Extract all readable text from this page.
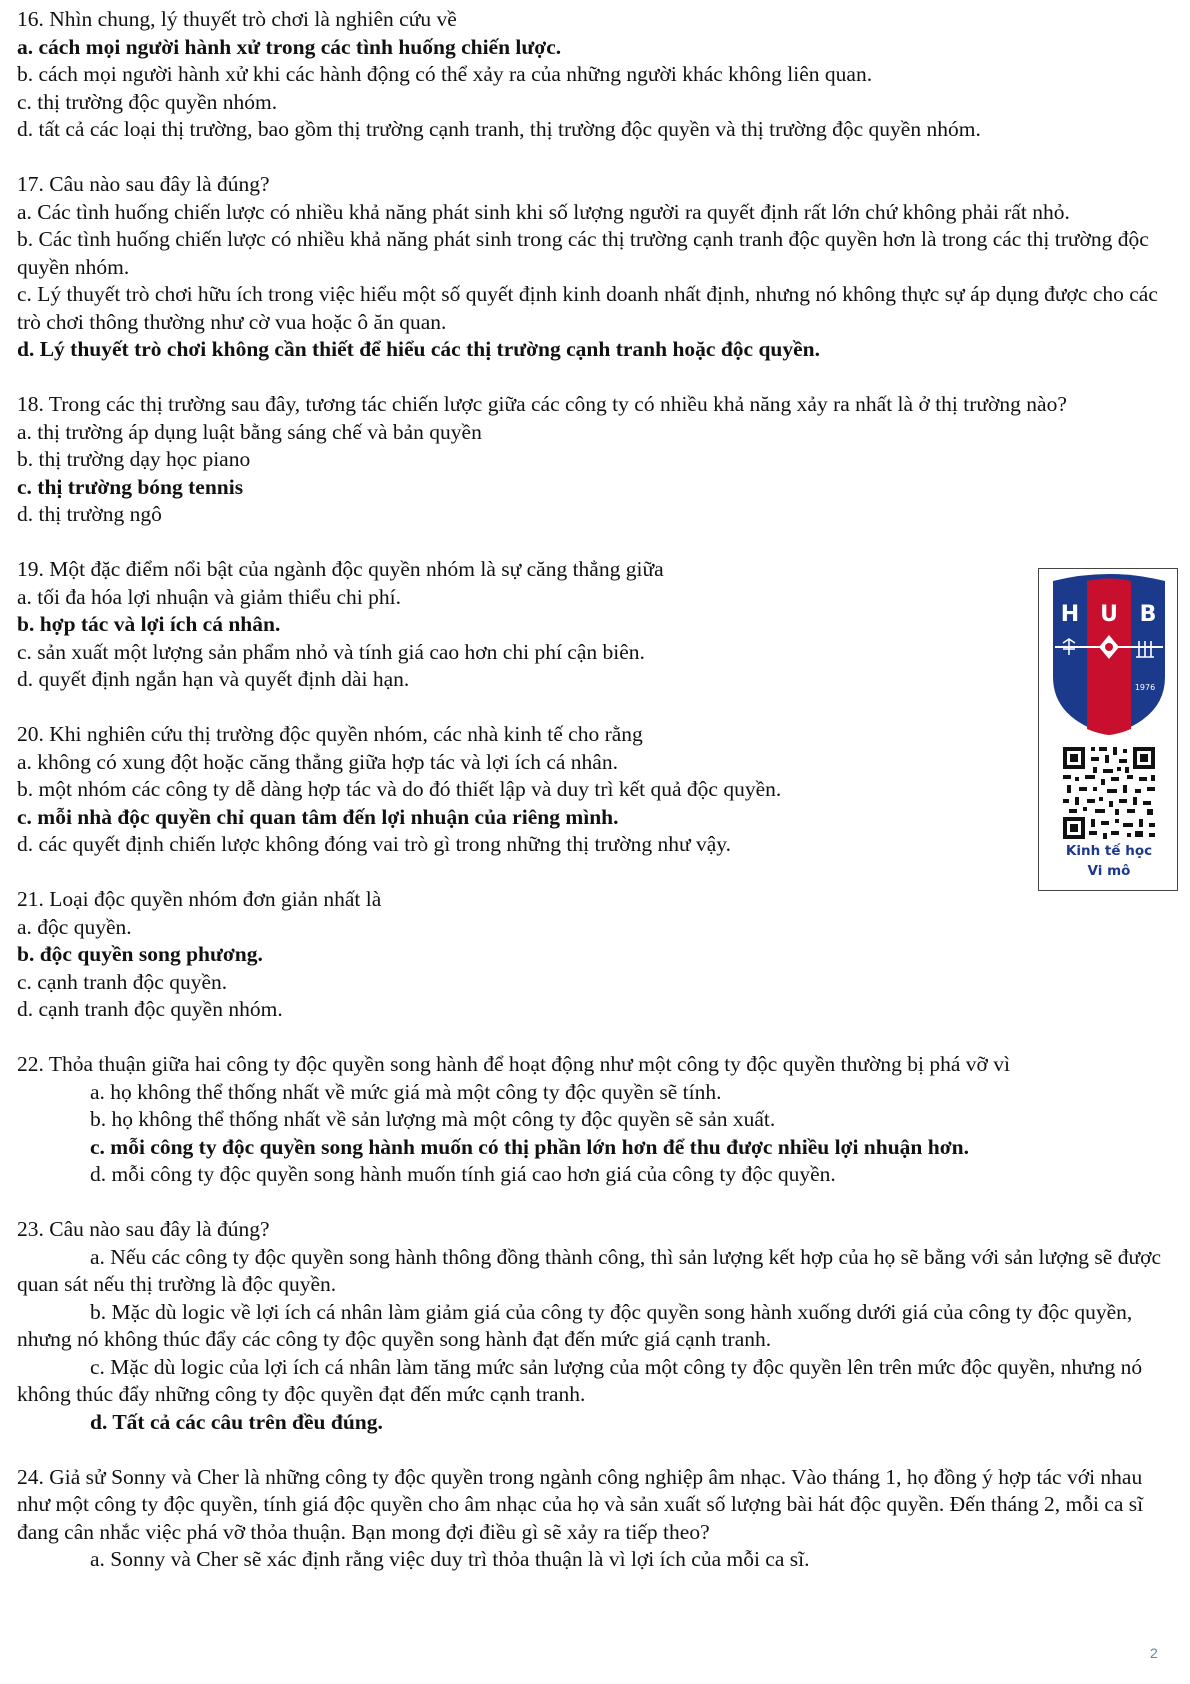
16. Nhìn chung, lý thuyết trò chơi là nghiên cứu về
a. cách mọi người hành xử trong các tình huống chiến lược.
b. cách mọi người hành xử khi các hành động có thể xảy ra của những người khác không liên quan.
c. thị trường độc quyền nhóm.
d. tất cả các loại thị trường, bao gồm thị trường cạnh tranh, thị trường độc quyền và thị trường độc quyền nhóm.
17. Câu nào sau đây là đúng?
a. Các tình huống chiến lược có nhiều khả năng phát sinh khi số lượng người ra quyết định rất lớn chứ không phải rất nhỏ.
b. Các tình huống chiến lược có nhiều khả năng phát sinh trong các thị trường cạnh tranh độc quyền hơn là trong các thị trường độc quyền nhóm.
c. Lý thuyết trò chơi hữu ích trong việc hiểu một số quyết định kinh doanh nhất định, nhưng nó không thực sự áp dụng được cho các trò chơi thông thường như cờ vua hoặc ô ăn quan.
d. Lý thuyết trò chơi không cần thiết để hiểu các thị trường cạnh tranh hoặc độc quyền.
18. Trong các thị trường sau đây, tương tác chiến lược giữa các công ty có nhiều khả năng xảy ra nhất là ở thị trường nào?
a. thị trường áp dụng luật bằng sáng chế và bản quyền
b. thị trường dạy học piano
c. thị trường bóng tennis
d. thị trường ngô
19. Một đặc điểm nổi bật của ngành độc quyền nhóm là sự căng thẳng giữa
a. tối đa hóa lợi nhuận và giảm thiểu chi phí.
b. hợp tác và lợi ích cá nhân.
c. sản xuất một lượng sản phẩm nhỏ và tính giá cao hơn chi phí cận biên.
d. quyết định ngắn hạn và quyết định dài hạn.
20. Khi nghiên cứu thị trường độc quyền nhóm, các nhà kinh tế cho rằng
a. không có xung đột hoặc căng thẳng giữa hợp tác và lợi ích cá nhân.
b. một nhóm các công ty dễ dàng hợp tác và do đó thiết lập và duy trì kết quả độc quyền.
c. mỗi nhà độc quyền chỉ quan tâm đến lợi nhuận của riêng mình.
d. các quyết định chiến lược không đóng vai trò gì trong những thị trường như vậy.
21. Loại độc quyền nhóm đơn giản nhất là
a. độc quyền.
b. độc quyền song phương.
c. cạnh tranh độc quyền.
d. cạnh tranh độc quyền nhóm.
22. Thỏa thuận giữa hai công ty độc quyền song hành để hoạt động như một công ty độc quyền thường bị phá vỡ vì
a. họ không thể thống nhất về mức giá mà một công ty độc quyền sẽ tính.
b. họ không thể thống nhất về sản lượng mà một công ty độc quyền sẽ sản xuất.
c. mỗi công ty độc quyền song hành muốn có thị phần lớn hơn để thu được nhiều lợi nhuận hơn.
d. mỗi công ty độc quyền song hành muốn tính giá cao hơn giá của công ty độc quyền.
23. Câu nào sau đây là đúng?
a. Nếu các công ty độc quyền song hành thông đồng thành công, thì sản lượng kết hợp của họ sẽ bằng với sản lượng sẽ được quan sát nếu thị trường là độc quyền.
b. Mặc dù logic về lợi ích cá nhân làm giảm giá của công ty độc quyền song hành xuống dưới giá của công ty độc quyền, nhưng nó không thúc đẩy các công ty độc quyền song hành đạt đến mức giá cạnh tranh.
c. Mặc dù logic của lợi ích cá nhân làm tăng mức sản lượng của một công ty độc quyền lên trên mức độc quyền, nhưng nó không thúc đẩy những công ty độc quyền đạt đến mức cạnh tranh.
d. Tất cả các câu trên đều đúng.
24. Giả sử Sonny và Cher là những công ty độc quyền trong ngành công nghiệp âm nhạc. Vào tháng 1, họ đồng ý hợp tác với nhau như một công ty độc quyền, tính giá độc quyền cho âm nhạc của họ và sản xuất số lượng bài hát độc quyền. Đến tháng 2, mỗi ca sĩ đang cân nhắc việc phá vỡ thỏa thuận. Bạn mong đợi điều gì sẽ xảy ra tiếp theo?
a. Sonny và Cher sẽ xác định rằng việc duy trì thỏa thuận là vì lợi ích của mỗi ca sĩ.
H U B
1976
Kinh tế học
Vi mô
2
